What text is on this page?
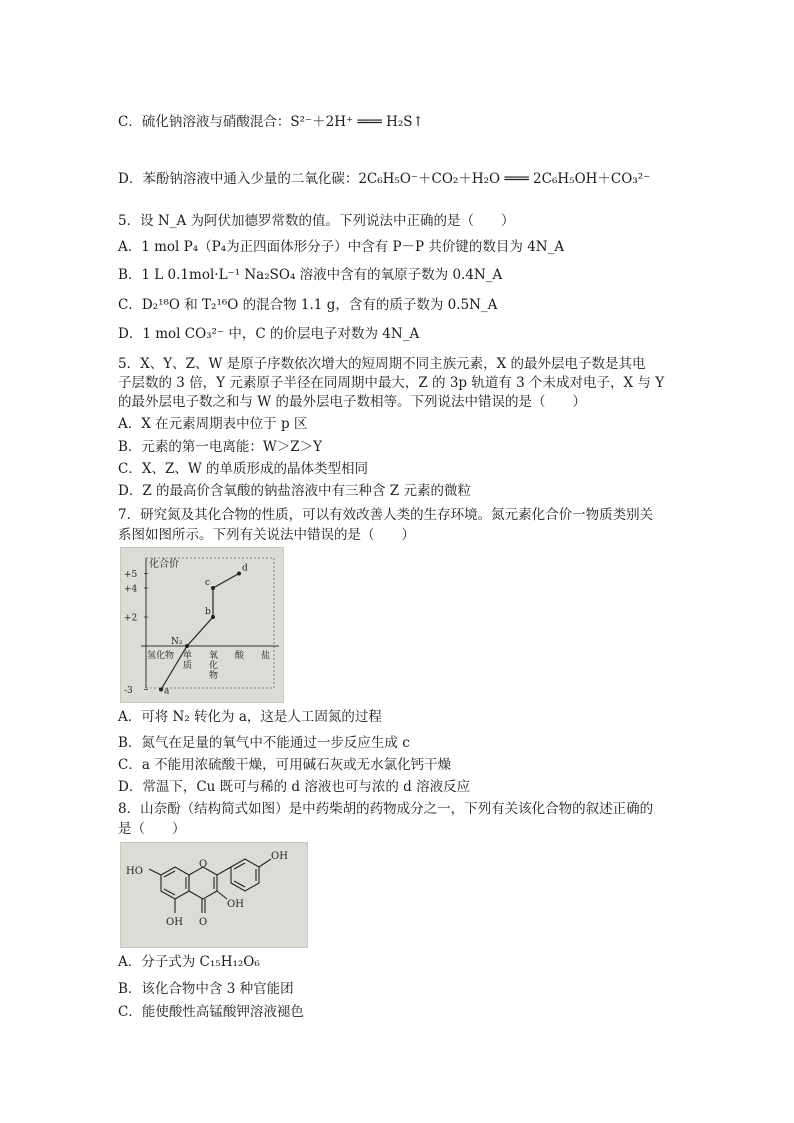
C．硫化钠溶液与硝酸混合：S²⁻＋2H⁺ ═══ H₂S↑
D．苯酚钠溶液中通入少量的二氧化碳：2C₆H₅O⁻＋CO₂＋H₂O ═══ 2C₆H₅OH＋CO₃²⁻
5．设 N_A 为阿伏加德罗常数的值。下列说法中正确的是（　　）
A．1 mol P₄（P₄为正四面体形分子）中含有 P－P 共价键的数目为 4N_A
B．1 L 0.1mol·L⁻¹ Na₂SO₄ 溶液中含有的氧原子数为 0.4N_A
C．D₂¹⁸O 和 T₂¹⁶O 的混合物 1.1 g，含有的质子数为 0.5N_A
D．1 mol CO₃²⁻ 中，C 的价层电子对数为 4N_A
5．X、Y、Z、W 是原子序数依次增大的短周期不同主族元素，X 的最外层电子数是其电
子层数的 3 倍，Y 元素原子半径在同周期中最大，Z 的 3p 轨道有 3 个未成对电子，X 与 Y
的最外层电子数之和与 W 的最外层电子数相等。下列说法中错误的是（　　）
A．X 在元素周期表中位于 p 区
B．元素的第一电离能：W＞Z＞Y
C．X、Z、W 的单质形成的晶体类型相同
D．Z 的最高价含氧酸的钠盐溶液中有三种含 Z 元素的微粒
7．研究氮及其化合物的性质，可以有效改善人类的生存环境。氮元素化合价一物质类别关
系图如图所示。下列有关说法中错误的是（　　）
化合价
+5
+4
+2
-3
氢化物 单
质
氧
化
物
酸 盐
a
N₂
b
c
d
A．可将 N₂ 转化为 a，这是人工固氮的过程
B．氮气在足量的氧气中不能通过一步反应生成 c
C．a 不能用浓硫酸干燥，可用碱石灰或无水氯化钙干燥
D．常温下，Cu 既可与稀的 d 溶液也可与浓的 d 溶液反应
8．山奈酚（结构简式如图）是中药柴胡的药物成分之一，下列有关该化合物的叙述正确的
是（　　）
OH
HO
O
OH
OH O
A．分子式为 C₁₅H₁₂O₆
B．该化合物中含 3 种官能团
C．能使酸性高锰酸钾溶液褪色
